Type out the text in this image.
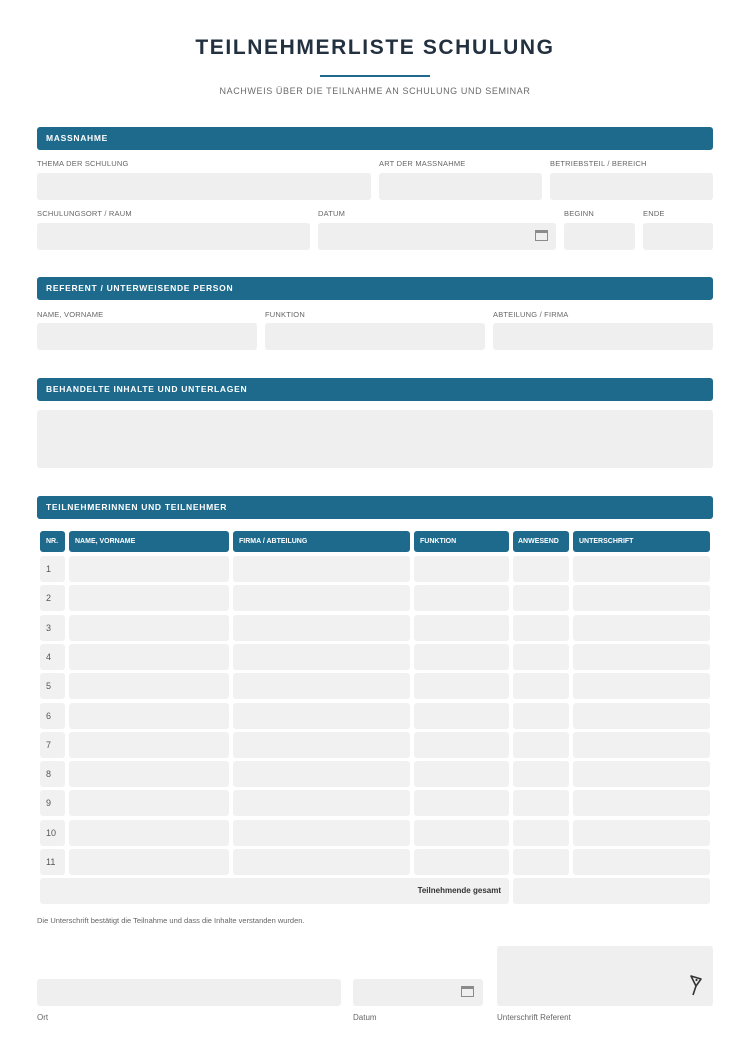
TEILNEHMERLISTE SCHULUNG
NACHWEIS ÜBER DIE TEILNAHME AN SCHULUNG UND SEMINAR
MASSNAHME
THEMA DER SCHULUNG	ART DER MASSNAHME	BETRIEBSTEIL / BEREICH
SCHULUNGSORT / RAUM	DATUM	BEGINN	ENDE
REFERENT / UNTERWEISENDE PERSON
NAME, VORNAME	FUNKTION	ABTEILUNG / FIRMA
BEHANDELTE INHALTE UND UNTERLAGEN
TEILNEHMERINNEN UND TEILNEHMER
NR.	NAME, VORNAME	FIRMA / ABTEILUNG	FUNKTION	ANWESEND	UNTERSCHRIFT
1
2
3
4
5
6
7
8
9
10
11
Teilnehmende gesamt
Die Unterschrift bestätigt die Teilnahme und dass die Inhalte verstanden wurden.
Ort	Datum	Unterschrift Referent
